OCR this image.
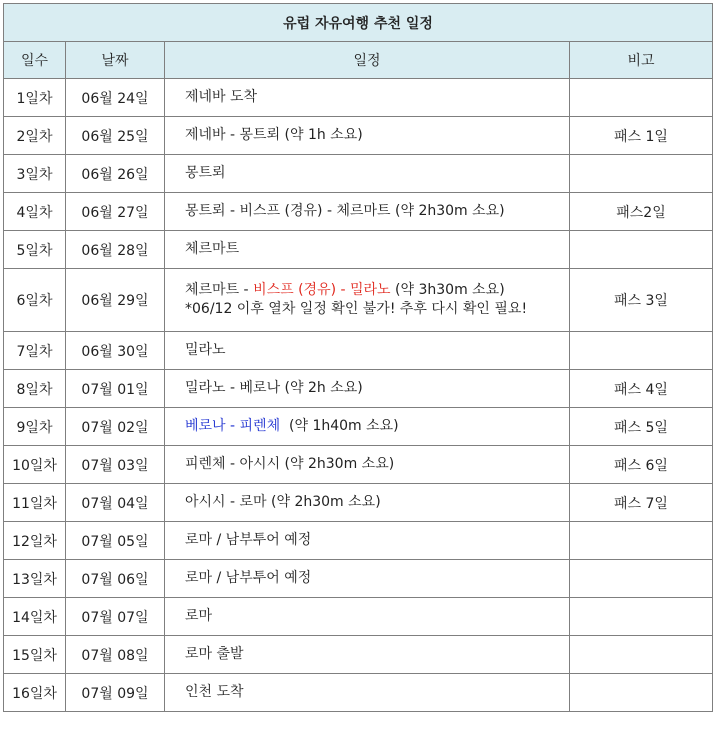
유럽 자유여행 추천 일정			
일수	날짜	일정	비고
1일차	06월 24일	제네바 도착	
2일차	06월 25일	제네바 - 몽트뢰 (약 1h 소요)	패스 1일
3일차	06월 26일	몽트뢰	
4일차	06월 27일	몽트뢰 - 비스프 (경유) - 체르마트 (약 2h30m 소요)	패스2일
5일차	06월 28일	체르마트	
6일차	06월 29일	체르마트 - 비스프 (경유) - 밀라노 (약 3h30m 소요)
*06/12 이후 열차 일정 확인 불가! 추후 다시 확인 필요!	패스 3일
7일차	06월 30일	밀라노	
8일차	07월 01일	밀라노 - 베로나 (약 2h 소요)	패스 4일
9일차	07월 02일	베로나 - 피렌체  (약 1h40m 소요)	패스 5일
10일차	07월 03일	피렌체 - 아시시 (약 2h30m 소요)	패스 6일
11일차	07월 04일	아시시 - 로마 (약 2h30m 소요)	패스 7일
12일차	07월 05일	로마 / 남부투어 예정	
13일차	07월 06일	로마 / 남부투어 예정	
14일차	07월 07일	로마	
15일차	07월 08일	로마 출발	
16일차	07월 09일	인천 도착	
